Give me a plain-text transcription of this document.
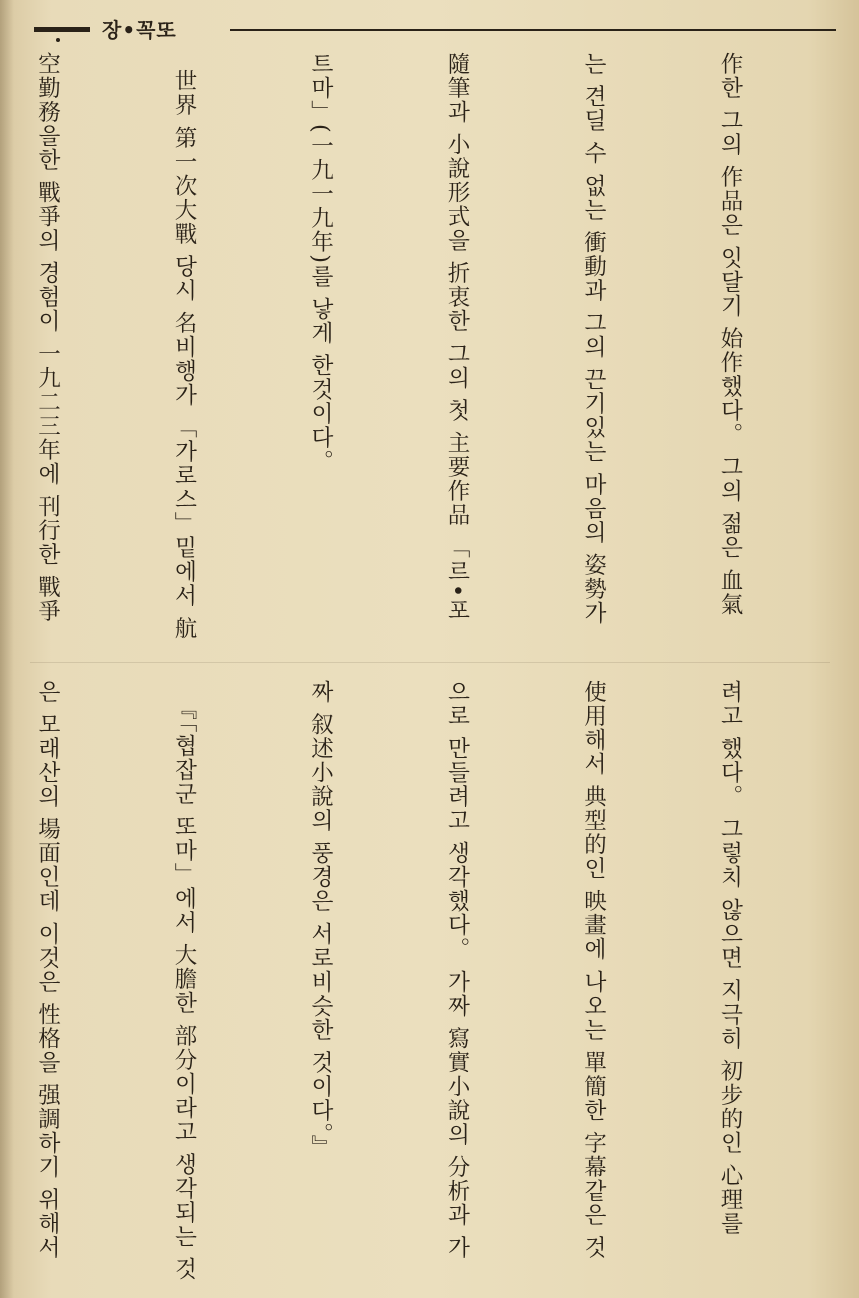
장•꼭또

作한 그의 作品은 잇달기 始作했다。 그의 젊은 血氣

는 견딜 수 없는 衝動과 그의 끈기있는 마음의 姿勢가

隨筆과 小說形式을 折衷한 그의 첫 主要作品 「르•포

트마」(一九一九年)를 낳게 한것이다。

世界 第一次大戰 당시 名비행가 「가로스」밑에서 航

空勤務을한 戰爭의 경험이 一九二三年에 刊行한 戰爭

려고 했다。 그렇치 않으면 지극히 初步的인 心理를

使用해서 典型的인 映畫에 나오는 單簡한 字幕같은 것

으로 만들려고 생각했다。 가짜 寫實小說의 分析과 가

짜 叙述小說의 풍경은 서로비슷한 것이다。』

『「협잡군 또마」에서 大膽한 部分이라고 생각되는 것

은 모래산의 場面인데 이것은 性格을 强調하기 위해서
